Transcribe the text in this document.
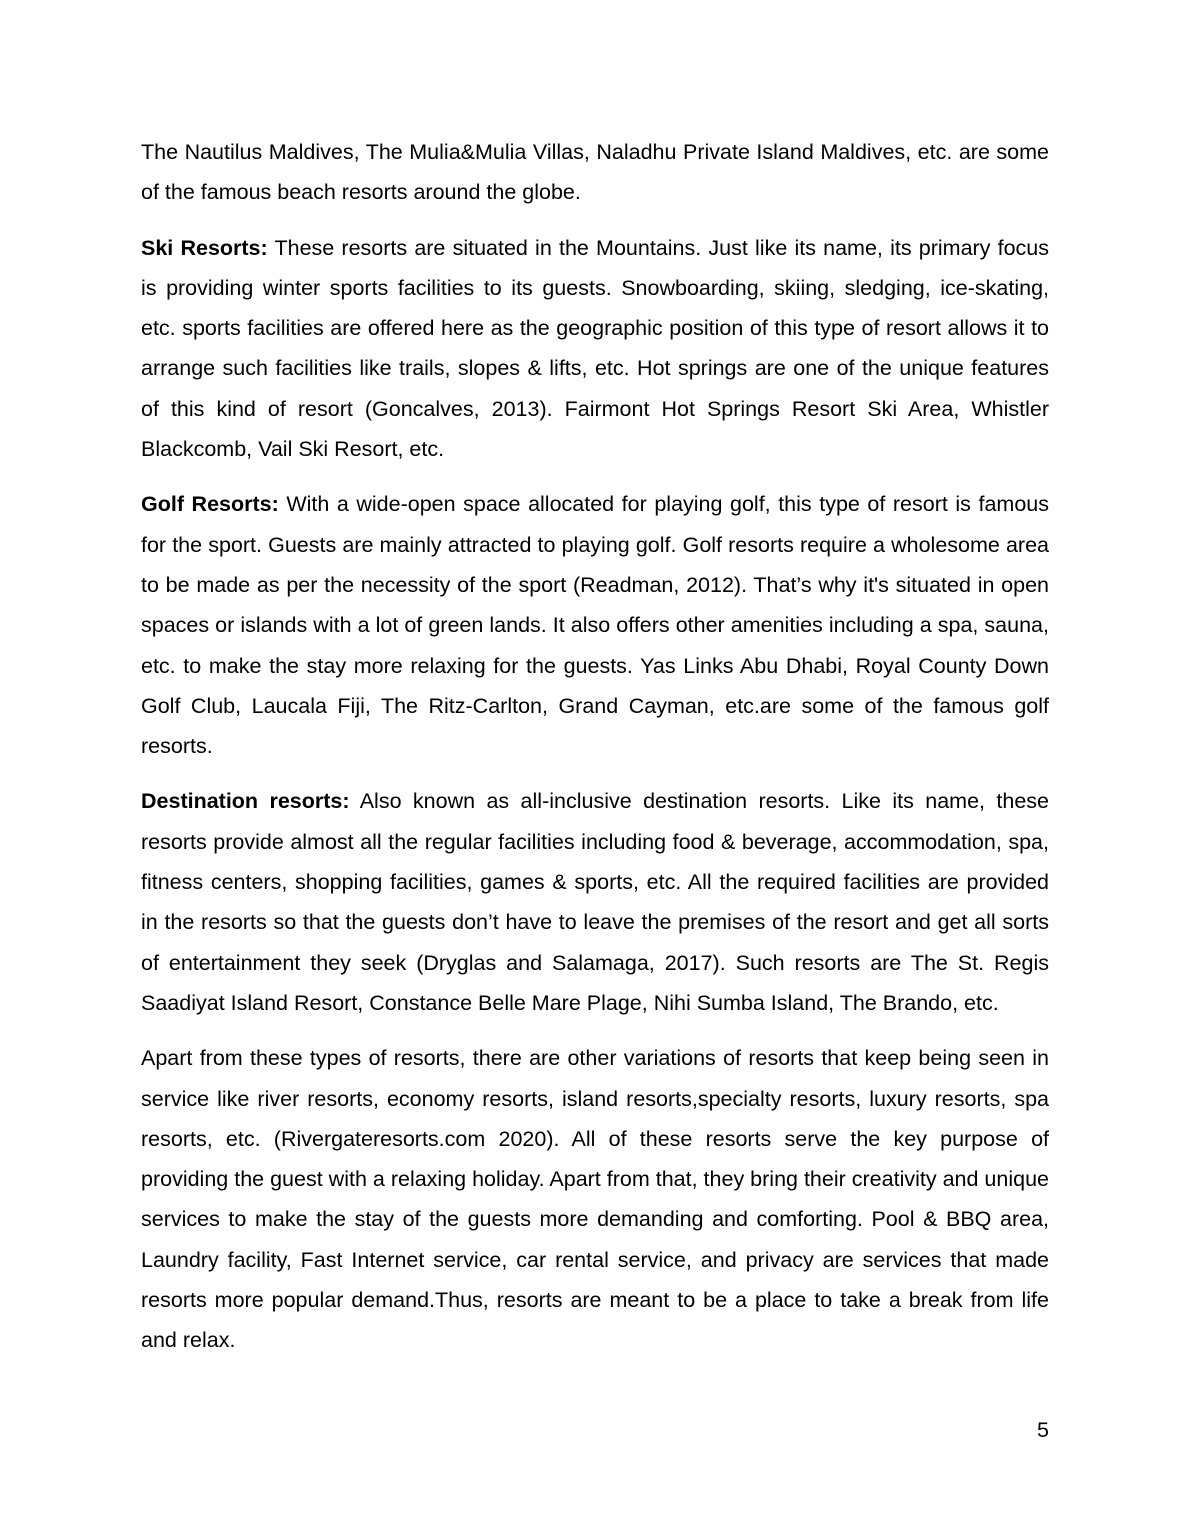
The Nautilus Maldives, The Mulia&Mulia Villas, Naladhu Private Island Maldives, etc. are some of the famous beach resorts around the globe.

Ski Resorts: These resorts are situated in the Mountains. Just like its name, its primary focus is providing winter sports facilities to its guests. Snowboarding, skiing, sledging, ice-skating, etc. sports facilities are offered here as the geographic position of this type of resort allows it to arrange such facilities like trails, slopes & lifts, etc. Hot springs are one of the unique features of this kind of resort (Goncalves, 2013). Fairmont Hot Springs Resort Ski Area, Whistler Blackcomb, Vail Ski Resort, etc.

Golf Resorts: With a wide-open space allocated for playing golf, this type of resort is famous for the sport. Guests are mainly attracted to playing golf. Golf resorts require a wholesome area to be made as per the necessity of the sport (Readman, 2012). That’s why it's situated in open spaces or islands with a lot of green lands. It also offers other amenities including a spa, sauna, etc. to make the stay more relaxing for the guests. Yas Links Abu Dhabi, Royal County Down Golf Club, Laucala Fiji, The Ritz-Carlton, Grand Cayman, etc.are some of the famous golf resorts.

Destination resorts: Also known as all-inclusive destination resorts. Like its name, these resorts provide almost all the regular facilities including food & beverage, accommodation, spa, fitness centers, shopping facilities, games & sports, etc. All the required facilities are provided in the resorts so that the guests don’t have to leave the premises of the resort and get all sorts of entertainment they seek (Dryglas and Salamaga, 2017). Such resorts are The St. Regis Saadiyat Island Resort, Constance Belle Mare Plage, Nihi Sumba Island, The Brando, etc.

Apart from these types of resorts, there are other variations of resorts that keep being seen in service like river resorts, economy resorts, island resorts,specialty resorts, luxury resorts, spa resorts, etc. (Rivergateresorts.com 2020). All of these resorts serve the key purpose of providing the guest with a relaxing holiday. Apart from that, they bring their creativity and unique services to make the stay of the guests more demanding and comforting. Pool & BBQ area, Laundry facility, Fast Internet service, car rental service, and privacy are services that made resorts more popular demand.Thus, resorts are meant to be a place to take a break from life and relax.

5
